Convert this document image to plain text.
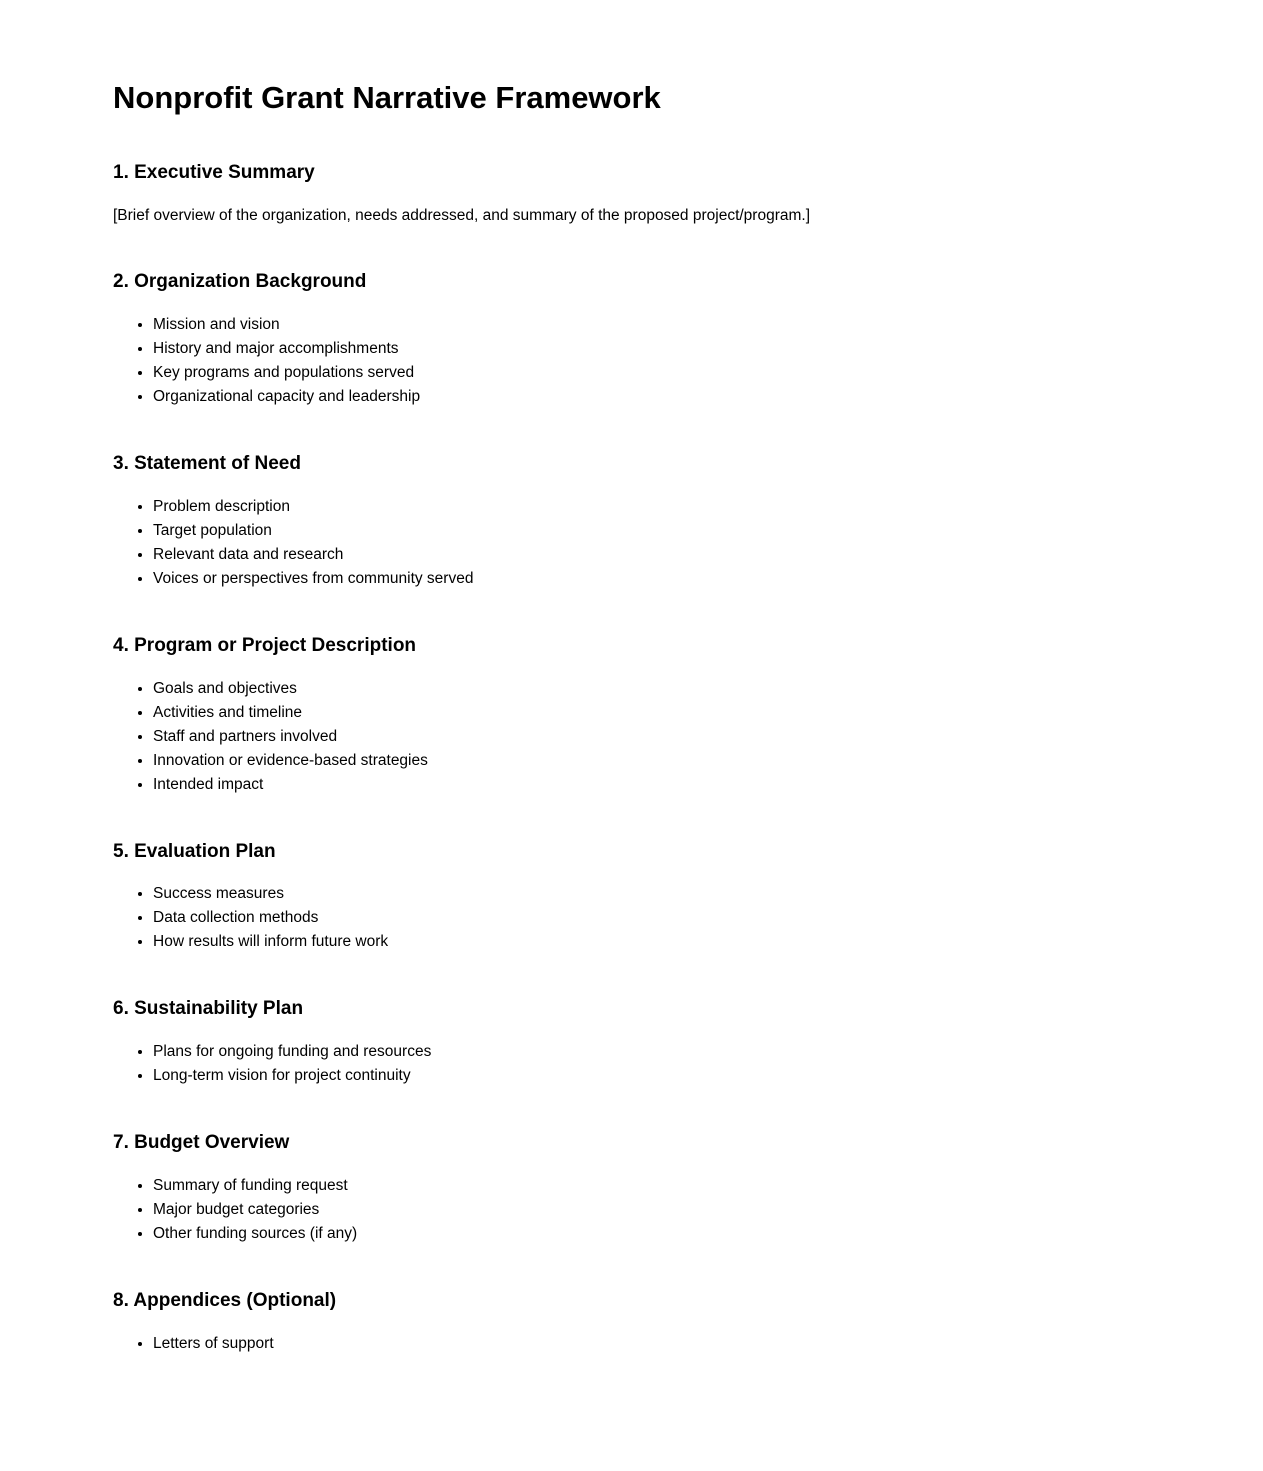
Nonprofit Grant Narrative Framework
1. Executive Summary

[Brief overview of the organization, needs addressed, and summary of the proposed project/program.]

2. Organization Background
• Mission and vision
• History and major accomplishments
• Key programs and populations served
• Organizational capacity and leadership
3. Statement of Need
• Problem description
• Target population
• Relevant data and research
• Voices or perspectives from community served
4. Program or Project Description
• Goals and objectives
• Activities and timeline
• Staff and partners involved
• Innovation or evidence-based strategies
• Intended impact
5. Evaluation Plan
• Success measures
• Data collection methods
• How results will inform future work
6. Sustainability Plan
• Plans for ongoing funding and resources
• Long-term vision for project continuity
7. Budget Overview
• Summary of funding request
• Major budget categories
• Other funding sources (if any)
8. Appendices (Optional)
• Letters of support
